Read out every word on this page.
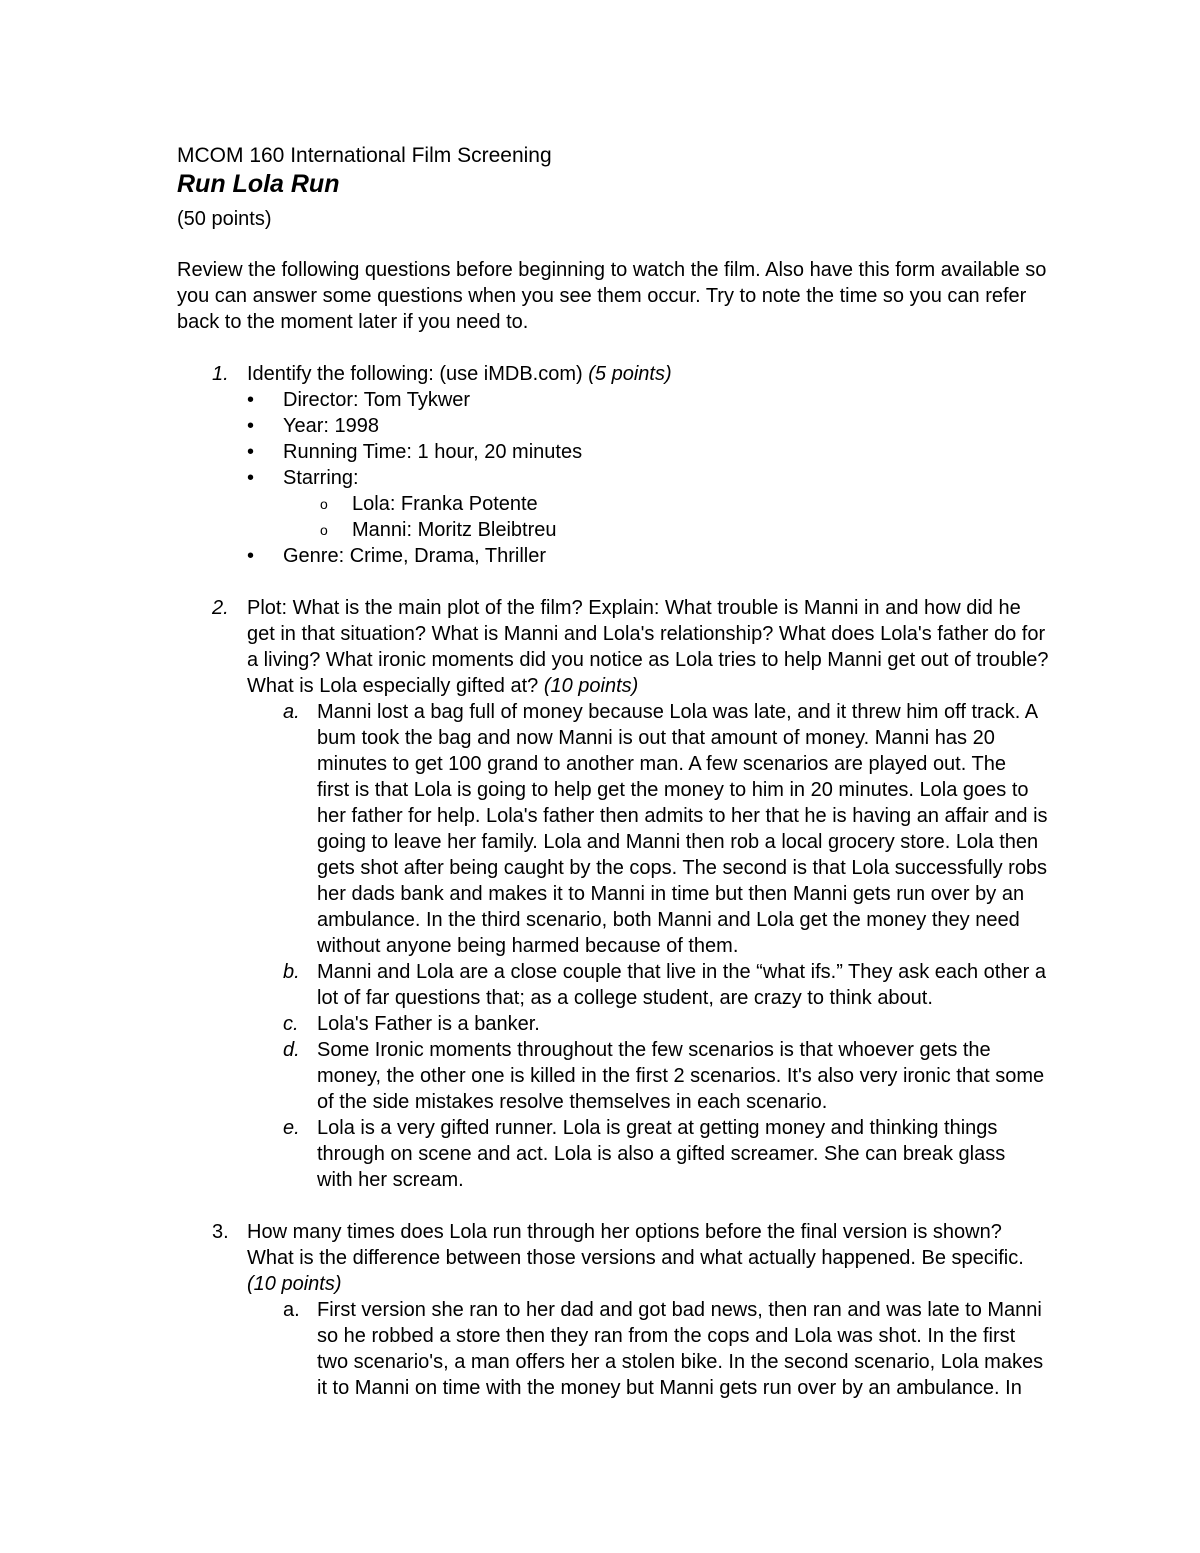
MCOM 160 International Film Screening
Run Lola Run
(50 points)
Review the following questions before beginning to watch the film. Also have this form available so
you can answer some questions when you see them occur. Try to note the time so you can refer
back to the moment later if you need to.
1. Identify the following: (use iMDB.com) (5 points)
• Director: Tom Tykwer
• Year: 1998
• Running Time: 1 hour, 20 minutes
• Starring:
o Lola: Franka Potente
o Manni: Moritz Bleibtreu
• Genre: Crime, Drama, Thriller
2. Plot: What is the main plot of the film? Explain: What trouble is Manni in and how did he
get in that situation? What is Manni and Lola's relationship? What does Lola's father do for
a living? What ironic moments did you notice as Lola tries to help Manni get out of trouble?
What is Lola especially gifted at? (10 points)
a. Manni lost a bag full of money because Lola was late, and it threw him off track. A
bum took the bag and now Manni is out that amount of money. Manni has 20
minutes to get 100 grand to another man. A few scenarios are played out. The
first is that Lola is going to help get the money to him in 20 minutes. Lola goes to
her father for help. Lola's father then admits to her that he is having an affair and is
going to leave her family. Lola and Manni then rob a local grocery store. Lola then
gets shot after being caught by the cops. The second is that Lola successfully robs
her dads bank and makes it to Manni in time but then Manni gets run over by an
ambulance. In the third scenario, both Manni and Lola get the money they need
without anyone being harmed because of them.
b. Manni and Lola are a close couple that live in the “what ifs.” They ask each other a
lot of far questions that; as a college student, are crazy to think about.
c. Lola's Father is a banker.
d. Some Ironic moments throughout the few scenarios is that whoever gets the
money, the other one is killed in the first 2 scenarios. It's also very ironic that some
of the side mistakes resolve themselves in each scenario.
e. Lola is a very gifted runner. Lola is great at getting money and thinking things
through on scene and act. Lola is also a gifted screamer. She can break glass
with her scream.
3. How many times does Lola run through her options before the final version is shown?
What is the difference between those versions and what actually happened. Be specific.
(10 points)
a. First version she ran to her dad and got bad news, then ran and was late to Manni
so he robbed a store then they ran from the cops and Lola was shot. In the first
two scenario's, a man offers her a stolen bike. In the second scenario, Lola makes
it to Manni on time with the money but Manni gets run over by an ambulance. In
